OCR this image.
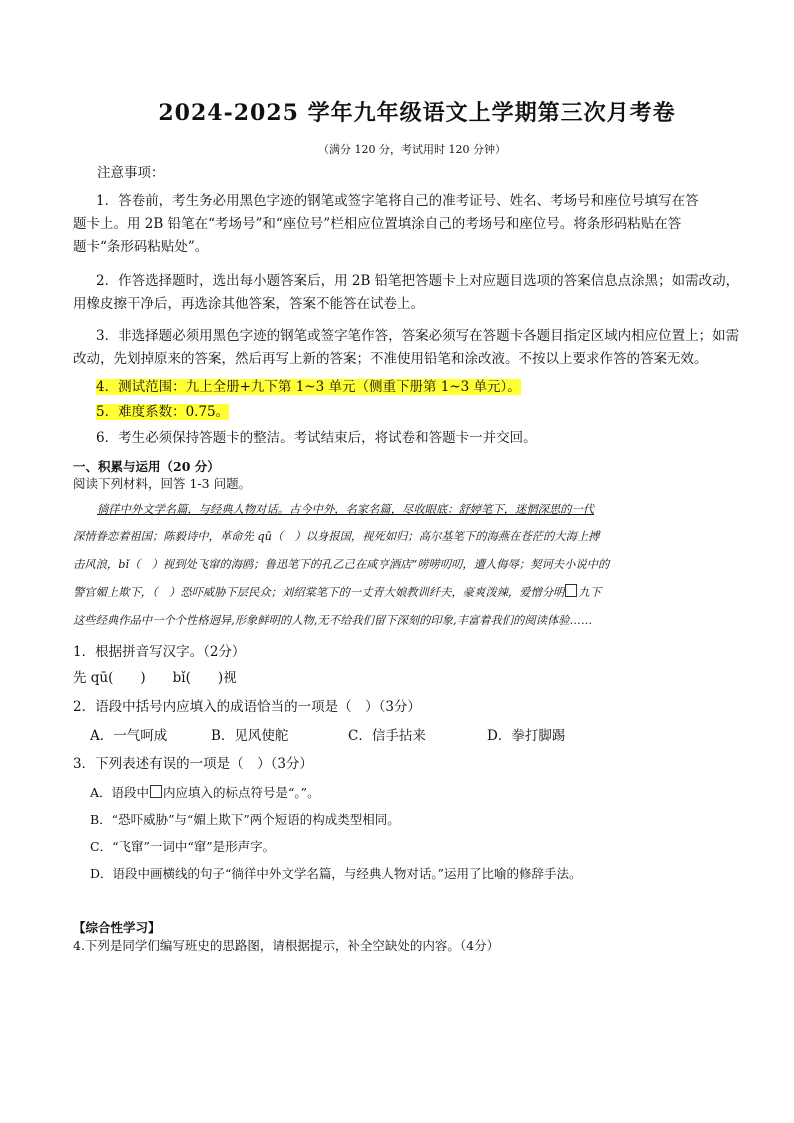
2024-2025 学年九年级语文上学期第三次月考卷
（满分 120 分，考试用时 120 分钟）
注意事项：
1．答卷前，考生务必用黑色字迹的钢笔或签字笔将自己的准考证号、姓名、考场号和座位号填写在答
题卡上。用 2B 铅笔在“考场号”和“座位号”栏相应位置填涂自己的考场号和座位号。将条形码粘贴在答
题卡“条形码粘贴处”。
2．作答选择题时，选出每小题答案后，用 2B 铅笔把答题卡上对应题目选项的答案信息点涂黑；如需改动，
用橡皮擦干净后，再选涂其他答案，答案不能答在试卷上。
3．非选择题必须用黑色字迹的钢笔或签字笔作答，答案必须写在答题卡各题目指定区域内相应位置上；如需
改动，先划掉原来的答案，然后再写上新的答案；不准使用铅笔和涂改液。不按以上要求作答的答案无效。
4．测试范围：九上全册+九下第 1~3 单元（侧重下册第 1~3 单元）。
5．难度系数：0.75。
6．考生必须保持答题卡的整洁。考试结束后，将试卷和答题卡一并交回。
一、积累与运用（20 分）
阅读下列材料，回答 1-3 问题。
徜徉中外文学名篇，与经典人物对话。古今中外，名家名篇，尽收眼底：舒婷笔下，迷惘深思的一代
深情眷恋着祖国；陈毅诗中，革命先 qū（　）以身报国，视死如归；高尔基笔下的海燕在苍茫的大海上搏
击风浪，bǐ（　）视到处飞窜的海鸥；鲁迅笔下的孔乙己在咸亨酒店“唠唠叨叨，遭人侮辱；契诃夫小说中的
警官媚上欺下，（　）恐吓威胁下层民众；刘绍棠笔下的一丈青大娘教训纤夫，豪爽泼辣，爱憎分明 九下
这些经典作品中一个个性格迥异,形象鲜明的人物,无不给我们留下深刻的印象,丰富着我们的阅读体验……
1．根据拼音写汉字。（2分）
先 qū(　　)　　bǐ(　　)视
2．语段中括号内应填入的成语恰当的一项是（　）（3分）
A．一气呵成	B．见风使舵	C．信手拈来	D．拳打脚踢
3．下列表述有误的一项是（　）（3分）
A．语段中 内应填入的标点符号是“。”。
B．“恐吓威胁”与“媚上欺下”两个短语的构成类型相同。
C．“飞窜”一词中“窜”是形声字。
D．语段中画横线的句子“徜徉中外文学名篇，与经典人物对话。”运用了比喻的修辞手法。
【综合性学习】
4.下列是同学们编写班史的思路图，请根据提示，补全空缺处的内容。（4分）
